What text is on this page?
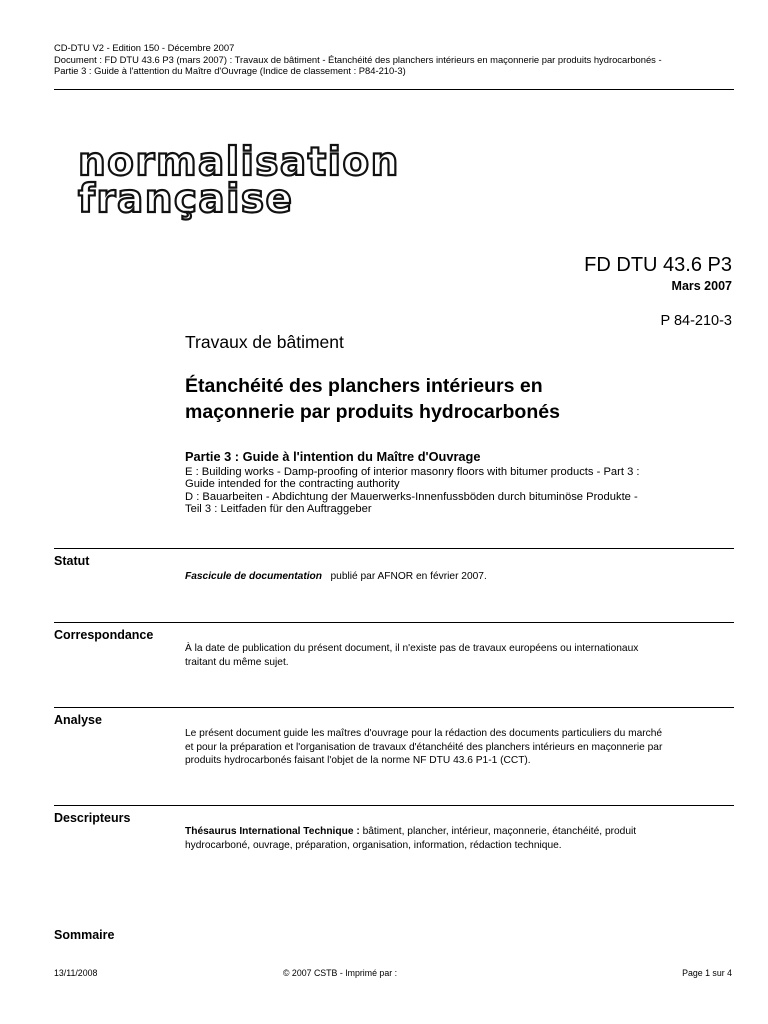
CD-DTU V2 - Edition 150 - Décembre 2007
Document : FD DTU 43.6 P3 (mars 2007) : Travaux de bâtiment - Étanchéité des planchers intérieurs en maçonnerie par produits hydrocarbonés -
Partie 3 : Guide à l'attention du Maître d'Ouvrage (Indice de classement : P84-210-3)
normalisation
française
FD DTU 43.6 P3
Mars 2007
P 84-210-3
Travaux de bâtiment
Étanchéité des planchers intérieurs en
maçonnerie par produits hydrocarbonés
Partie 3 : Guide à l'intention du Maître d'Ouvrage
E : Building works - Damp-proofing of interior masonry floors with bitumer products - Part 3 :
Guide intended for the contracting authority
D : Bauarbeiten - Abdichtung der Mauerwerks-Innenfussböden durch bituminöse Produkte -
Teil 3 : Leitfaden für den Auftraggeber
Statut
Fascicule de documentation publié par AFNOR en février 2007.
Correspondance
À la date de publication du présent document, il n'existe pas de travaux européens ou internationaux
traitant du même sujet.
Analyse
Le présent document guide les maîtres d'ouvrage pour la rédaction des documents particuliers du marché
et pour la préparation et l'organisation de travaux d'étanchéité des planchers intérieurs en maçonnerie par
produits hydrocarbonés faisant l'objet de la norme NF DTU 43.6 P1-1 (CCT).
Descripteurs
Thésaurus International Technique : bâtiment, plancher, intérieur, maçonnerie, étanchéité, produit
hydrocarboné, ouvrage, préparation, organisation, information, rédaction technique.
Sommaire
13/11/2008	© 2007 CSTB - Imprimé par :	Page 1 sur 4
